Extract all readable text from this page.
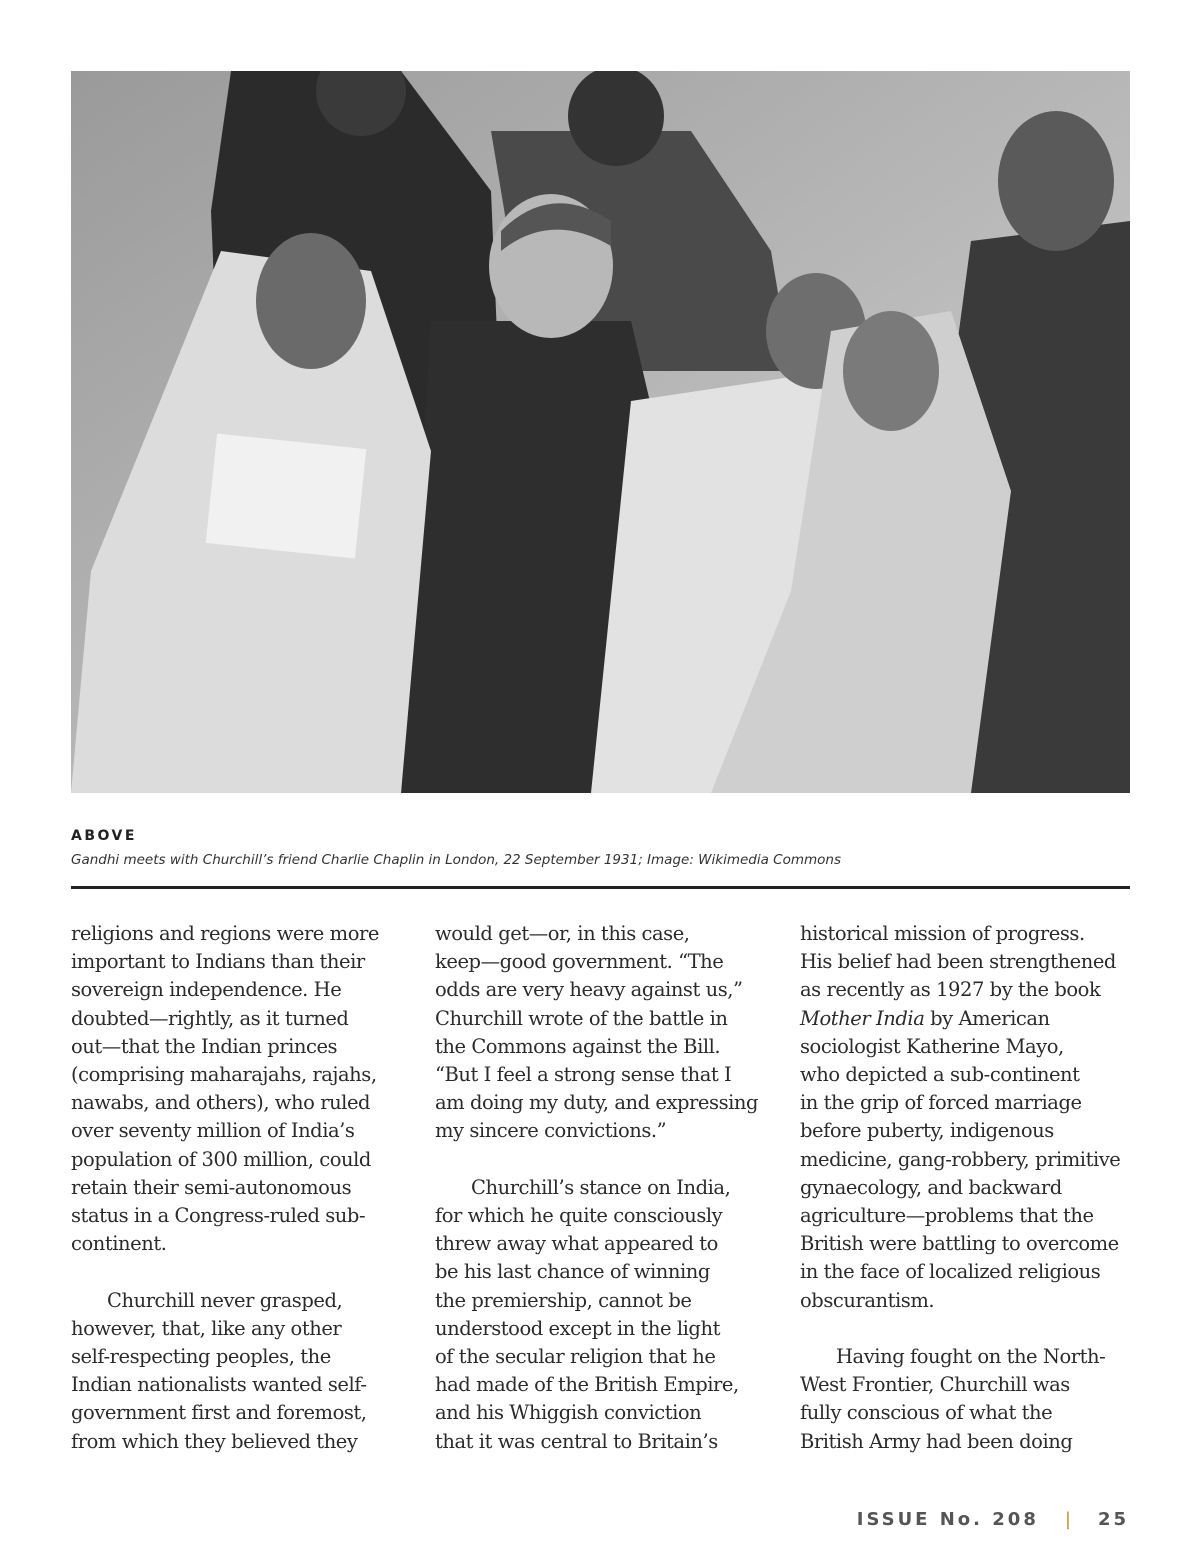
ABOVE
Gandhi meets with Churchill’s friend Charlie Chaplin in London, 22 September 1931; Image: Wikimedia Commons
religions and regions were more
important to Indians than their
sovereign independence. He
doubted—rightly, as it turned
out—that the Indian princes
(comprising maharajahs, rajahs,
nawabs, and others), who ruled
over seventy million of India’s
population of 300 million, could
retain their semi-autonomous
status in a Congress-ruled sub-
continent.
Churchill never grasped,
however, that, like any other
self-respecting peoples, the
Indian nationalists wanted self-
government first and foremost,
from which they believed they
would get—or, in this case,
keep—good government. “The
odds are very heavy against us,”
Churchill wrote of the battle in
the Commons against the Bill.
“But I feel a strong sense that I
am doing my duty, and expressing
my sincere convictions.”
Churchill’s stance on India,
for which he quite consciously
threw away what appeared to
be his last chance of winning
the premiership, cannot be
understood except in the light
of the secular religion that he
had made of the British Empire,
and his Whiggish conviction
that it was central to Britain’s
historical mission of progress.
His belief had been strengthened
as recently as 1927 by the book
Mother India by American
sociologist Katherine Mayo,
who depicted a sub-continent
in the grip of forced marriage
before puberty, indigenous
medicine, gang-robbery, primitive
gynaecology, and backward
agriculture—problems that the
British were battling to overcome
in the face of localized religious
obscurantism.
Having fought on the North-
West Frontier, Churchill was
fully conscious of what the
British Army had been doing
ISSUE No. 208 | 25
